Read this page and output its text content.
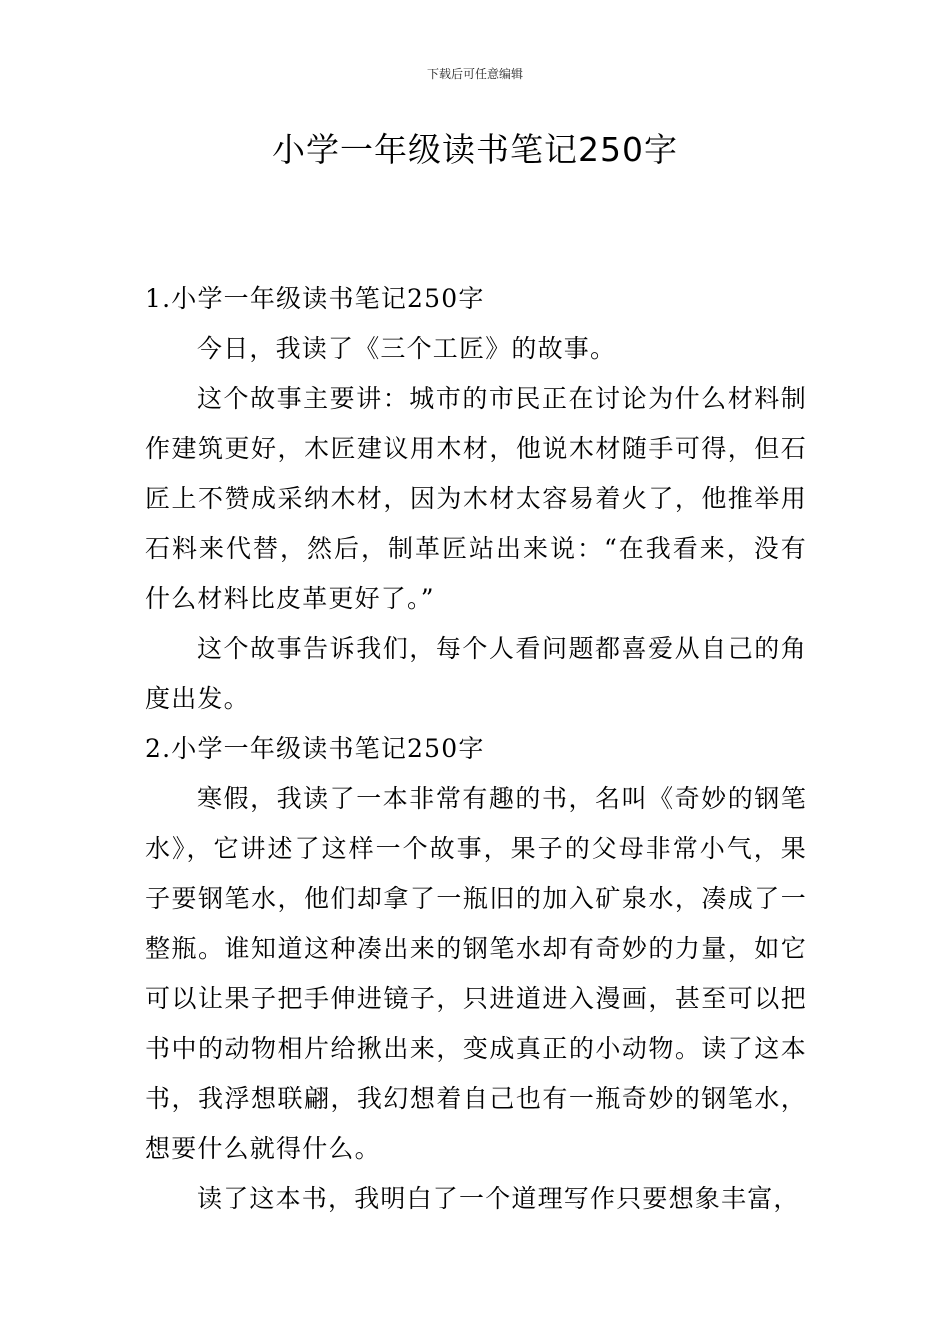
下载后可任意编辑
小学一年级读书笔记250字

1.小学一年级读书笔记250字

今日，我读了《三个工匠》的故事。

这个故事主要讲：城市的市民正在讨论为什么材料制作建筑更好，木匠建议用木材，他说木材随手可得，但石匠上不赞成采纳木材，因为木材太容易着火了，他推举用石料来代替，然后，制革匠站出来说：“在我看来，没有什么材料比皮革更好了。”

这个故事告诉我们，每个人看问题都喜爱从自己的角度出发。

2.小学一年级读书笔记250字

寒假，我读了一本非常有趣的书，名叫《奇妙的钢笔水》，它讲述了这样一个故事，果子的父母非常小气，果子要钢笔水，他们却拿了一瓶旧的加入矿泉水，凑成了一整瓶。谁知道这种凑出来的钢笔水却有奇妙的力量，如它可以让果子把手伸进镜子，只进道进入漫画，甚至可以把书中的动物相片给揪出来，变成真正的小动物。读了这本书，我浮想联翩，我幻想着自己也有一瓶奇妙的钢笔水，想要什么就得什么。

读了这本书，我明白了一个道理写作只要想象丰富，
